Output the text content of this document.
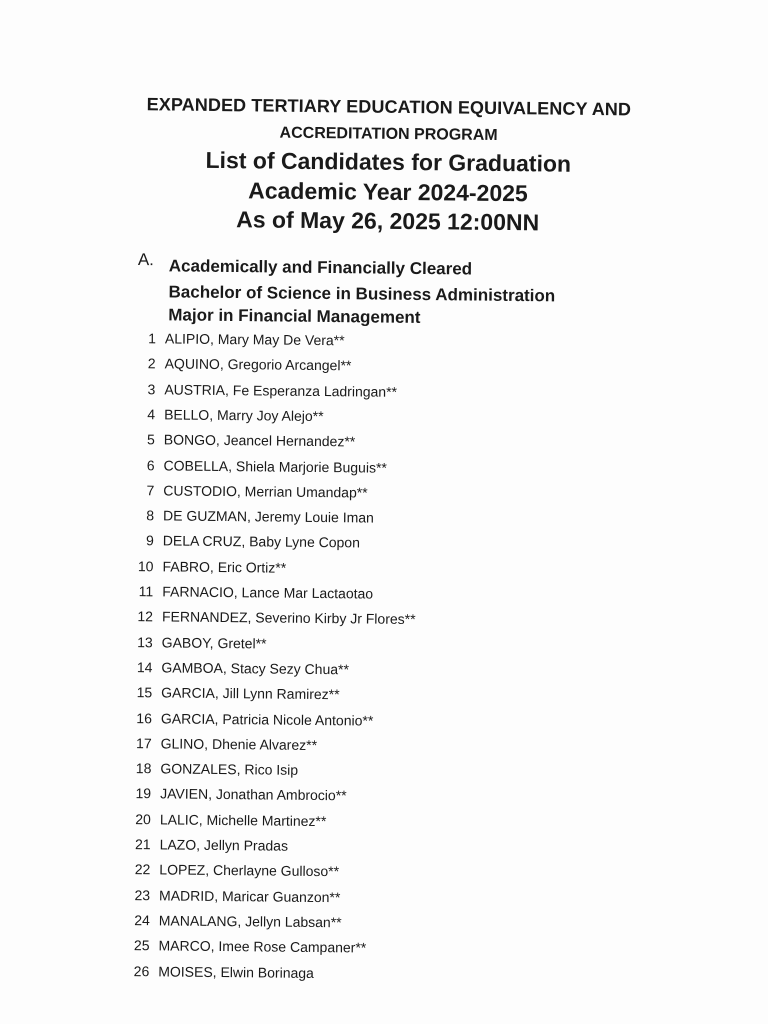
EXPANDED TERTIARY EDUCATION EQUIVALENCY AND
ACCREDITATION PROGRAM
List of Candidates for Graduation
Academic Year 2024-2025
As of May 26, 2025 12:00NN
A. Academically and Financially Cleared
Bachelor of Science in Business Administration
Major in Financial Management
1 ALIPIO, Mary May De Vera**
2 AQUINO, Gregorio Arcangel**
3 AUSTRIA, Fe Esperanza Ladringan**
4 BELLO, Marry Joy Alejo**
5 BONGO, Jeancel Hernandez**
6 COBELLA, Shiela Marjorie Buguis**
7 CUSTODIO, Merrian Umandap**
8 DE GUZMAN, Jeremy Louie Iman
9 DELA CRUZ, Baby Lyne Copon
10 FABRO, Eric Ortiz**
11 FARNACIO, Lance Mar Lactaotao
12 FERNANDEZ, Severino Kirby Jr Flores**
13 GABOY, Gretel**
14 GAMBOA, Stacy Sezy Chua**
15 GARCIA, Jill Lynn Ramirez**
16 GARCIA, Patricia Nicole Antonio**
17 GLINO, Dhenie Alvarez**
18 GONZALES, Rico Isip
19 JAVIEN, Jonathan Ambrocio**
20 LALIC, Michelle Martinez**
21 LAZO, Jellyn Pradas
22 LOPEZ, Cherlayne Gulloso**
23 MADRID, Maricar Guanzon**
24 MANALANG, Jellyn Labsan**
25 MARCO, Imee Rose Campaner**
26 MOISES, Elwin Borinaga
